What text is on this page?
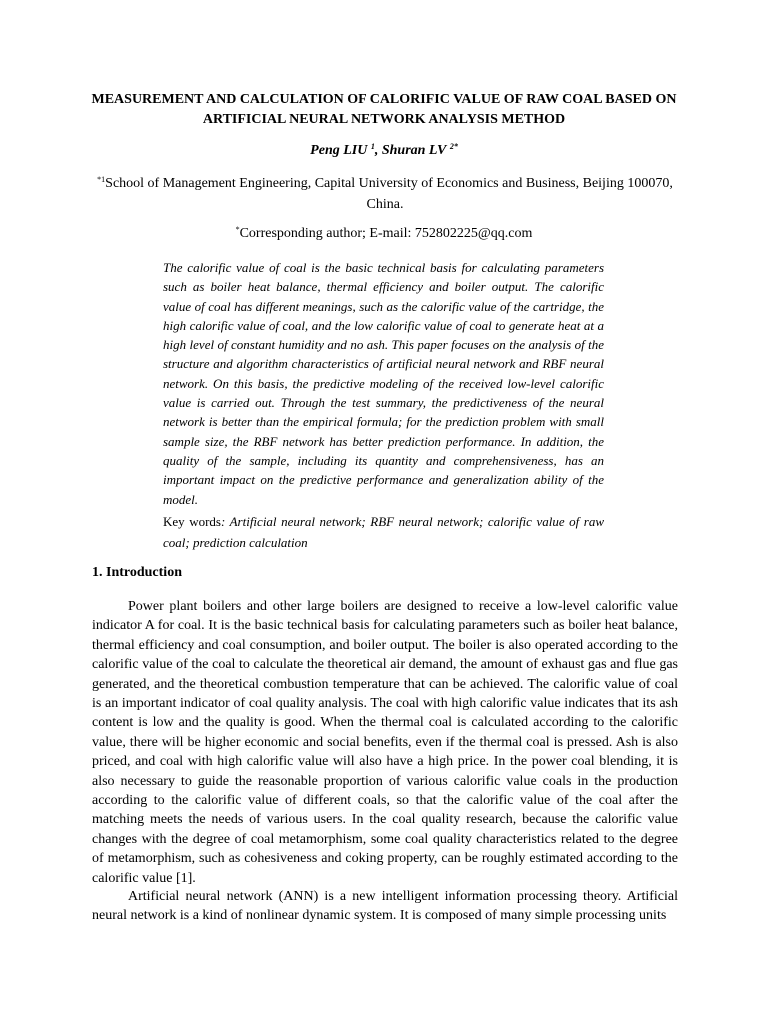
MEASUREMENT AND CALCULATION OF CALORIFIC VALUE OF RAW COAL BASED ON ARTIFICIAL NEURAL NETWORK ANALYSIS METHOD
Peng LIU $^1$, Shuran LV $^{2*}$
$^{*1}$School of Management Engineering, Capital University of Economics and Business, Beijing 100070, China.
*Corresponding author; E-mail: 752802225@qq.com

The calorific value of coal is the basic technical basis for calculating parameters such as boiler heat balance, thermal efficiency and boiler output. The calorific value of coal has different meanings, such as the calorific value of the cartridge, the high calorific value of coal, and the low calorific value of coal to generate heat at a high level of constant humidity and no ash. This paper focuses on the analysis of the structure and algorithm characteristics of artificial neural network and RBF neural network. On this basis, the predictive modeling of the received low-level calorific value is carried out. Through the test summary, the predictiveness of the neural network is better than the empirical formula; for the prediction problem with small sample size, the RBF network has better prediction performance. In addition, the quality of the sample, including its quantity and comprehensiveness, has an important impact on the predictive performance and generalization ability of the model.

Key words: Artificial neural network; RBF neural network; calorific value of raw coal; prediction calculation

1. Introduction

Power plant boilers and other large boilers are designed to receive a low-level calorific value indicator A for coal. It is the basic technical basis for calculating parameters such as boiler heat balance, thermal efficiency and coal consumption, and boiler output. The boiler is also operated according to the calorific value of the coal to calculate the theoretical air demand, the amount of exhaust gas and flue gas generated, and the theoretical combustion temperature that can be achieved. The calorific value of coal is an important indicator of coal quality analysis. The coal with high calorific value indicates that its ash content is low and the quality is good. When the thermal coal is calculated according to the calorific value, there will be higher economic and social benefits, even if the thermal coal is pressed. Ash is also priced, and coal with high calorific value will also have a high price. In the power coal blending, it is also necessary to guide the reasonable proportion of various calorific value coals in the production according to the calorific value of different coals, so that the calorific value of the coal after the matching meets the needs of various users. In the coal quality research, because the calorific value changes with the degree of coal metamorphism, some coal quality characteristics related to the degree of metamorphism, such as cohesiveness and coking property, can be roughly estimated according to the calorific value [1].

Artificial neural network (ANN) is a new intelligent information processing theory. Artificial neural network is a kind of nonlinear dynamic system. It is composed of many simple processing units
